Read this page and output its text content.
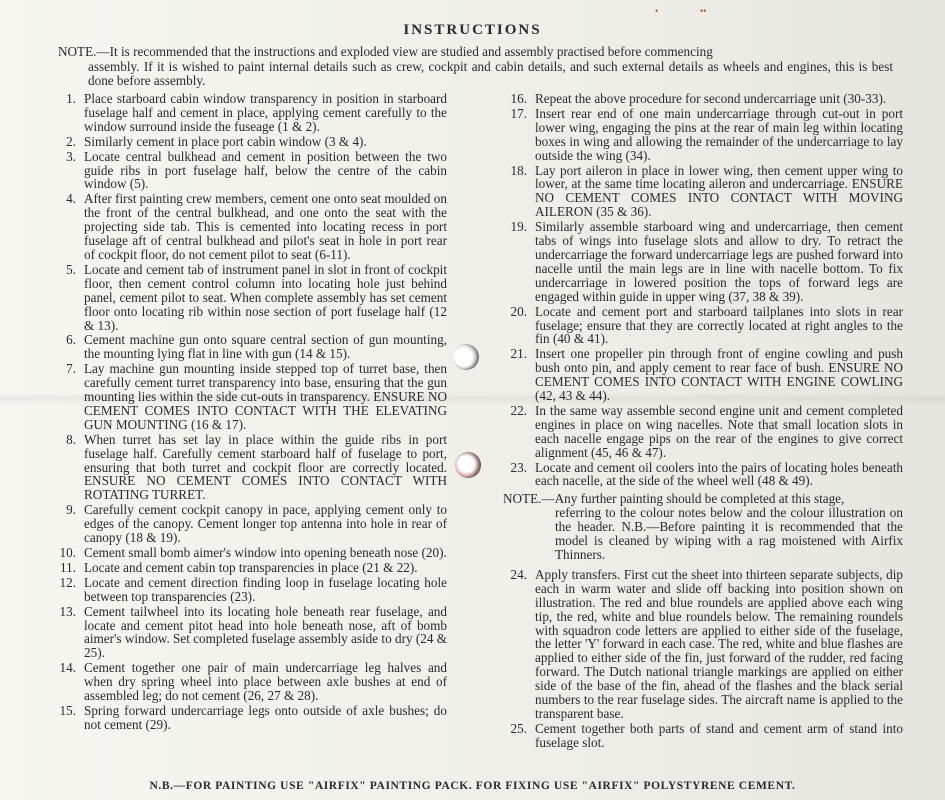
•	••
INSTRUCTIONS
NOTE.—It is recommended that the instructions and exploded view are studied and assembly practised before commencing
assembly. If it is wished to paint internal details such as crew, cockpit and cabin details, and such external details as wheels and engines, this is best done before assembly.
1. Place starboard cabin window transparency in position in starboard fuselage half and cement in place, applying cement carefully to the window surround inside the fuseage (1 & 2).
2. Similarly cement in place port cabin window (3 & 4).
3. Locate central bulkhead and cement in position between the two guide ribs in port fuselage half, below the centre of the cabin window (5).
4. After first painting crew members, cement one onto seat moulded on the front of the central bulkhead, and one onto the seat with the projecting side tab. This is cemented into locating recess in port fuselage aft of central bulkhead and pilot's seat in hole in port rear of cockpit floor, do not cement pilot to seat (6-11).
5. Locate and cement tab of instrument panel in slot in front of cockpit floor, then cement control column into locating hole just behind panel, cement pilot to seat. When complete assembly has set cement floor onto locating rib within nose section of port fuselage half (12 & 13).
6. Cement machine gun onto square central section of gun mounting, the mounting lying flat in line with gun (14 & 15).
7. Lay machine gun mounting inside stepped top of turret base, then carefully cement turret transparency into base, ensuring that the gun mounting lies within the side cut-outs in transparency. ENSURE NO CEMENT COMES INTO CONTACT WITH THE ELEVATING GUN MOUNTING (16 & 17).
8. When turret has set lay in place within the guide ribs in port fuselage half. Carefully cement starboard half of fuselage to port, ensuring that both turret and cockpit floor are correctly located. ENSURE NO CEMENT COMES INTO CONTACT WITH ROTATING TURRET.
9. Carefully cement cockpit canopy in pace, applying cement only to edges of the canopy. Cement longer top antenna into hole in rear of canopy (18 & 19).
10. Cement small bomb aimer's window into opening beneath nose (20).
11. Locate and cement cabin top transparencies in place (21 & 22).
12. Locate and cement direction finding loop in fuselage locating hole between top transparencies (23).
13. Cement tailwheel into its locating hole beneath rear fuselage, and locate and cement pitot head into hole beneath nose, aft of bomb aimer's window. Set completed fuselage assembly aside to dry (24 & 25).
14. Cement together one pair of main undercarriage leg halves and when dry spring wheel into place between axle bushes at end of assembled leg; do not cement (26, 27 & 28).
15. Spring forward undercarriage legs onto outside of axle bushes; do not cement (29).
16. Repeat the above procedure for second undercarriage unit (30-33).
17. Insert rear end of one main undercarriage through cut-out in port lower wing, engaging the pins at the rear of main leg within locating boxes in wing and allowing the remainder of the undercarriage to lay outside the wing (34).
18. Lay port aileron in place in lower wing, then cement upper wing to lower, at the same time locating aileron and undercarriage. ENSURE NO CEMENT COMES INTO CONTACT WITH MOVING AILERON (35 & 36).
19. Similarly assemble starboard wing and undercarriage, then cement tabs of wings into fuselage slots and allow to dry. To retract the undercarriage the forward undercarriage legs are pushed forward into nacelle until the main legs are in line with nacelle bottom. To fix undercarriage in lowered position the tops of forward legs are engaged within guide in upper wing (37, 38 & 39).
20. Locate and cement port and starboard tailplanes into slots in rear fuselage; ensure that they are correctly located at right angles to the fin (40 & 41).
21. Insert one propeller pin through front of engine cowling and push bush onto pin, and apply cement to rear face of bush. ENSURE NO CEMENT COMES INTO CONTACT WITH ENGINE COWLING (42, 43 & 44).
22. In the same way assemble second engine unit and cement completed engines in place on wing nacelles. Note that small location slots in each nacelle engage pips on the rear of the engines to give correct alignment (45, 46 & 47).
23. Locate and cement oil coolers into the pairs of locating holes beneath each nacelle, at the side of the wheel well (48 & 49).
NOTE.—Any further painting should be completed at this stage,
referring to the colour notes below and the colour illustration on the header. N.B.—Before painting it is recommended that the model is cleaned by wiping with a rag moistened with Airfix Thinners.
24. Apply transfers. First cut the sheet into thirteen separate subjects, dip each in warm water and slide off backing into position shown on illustration. The red and blue roundels are applied above each wing tip, the red, white and blue roundels below. The remaining roundels with squadron code letters are applied to either side of the fuselage, the letter 'Y' forward in each case. The red, white and blue flashes are applied to either side of the fin, just forward of the rudder, red facing forward. The Dutch national triangle markings are applied on either side of the base of the fin, ahead of the flashes and the black serial numbers to the rear fuselage sides. The aircraft name is applied to the transparent base.
25. Cement together both parts of stand and cement arm of stand into fuselage slot.
N.B.—FOR PAINTING USE "AIRFIX" PAINTING PACK. FOR FIXING USE "AIRFIX" POLYSTYRENE CEMENT.
